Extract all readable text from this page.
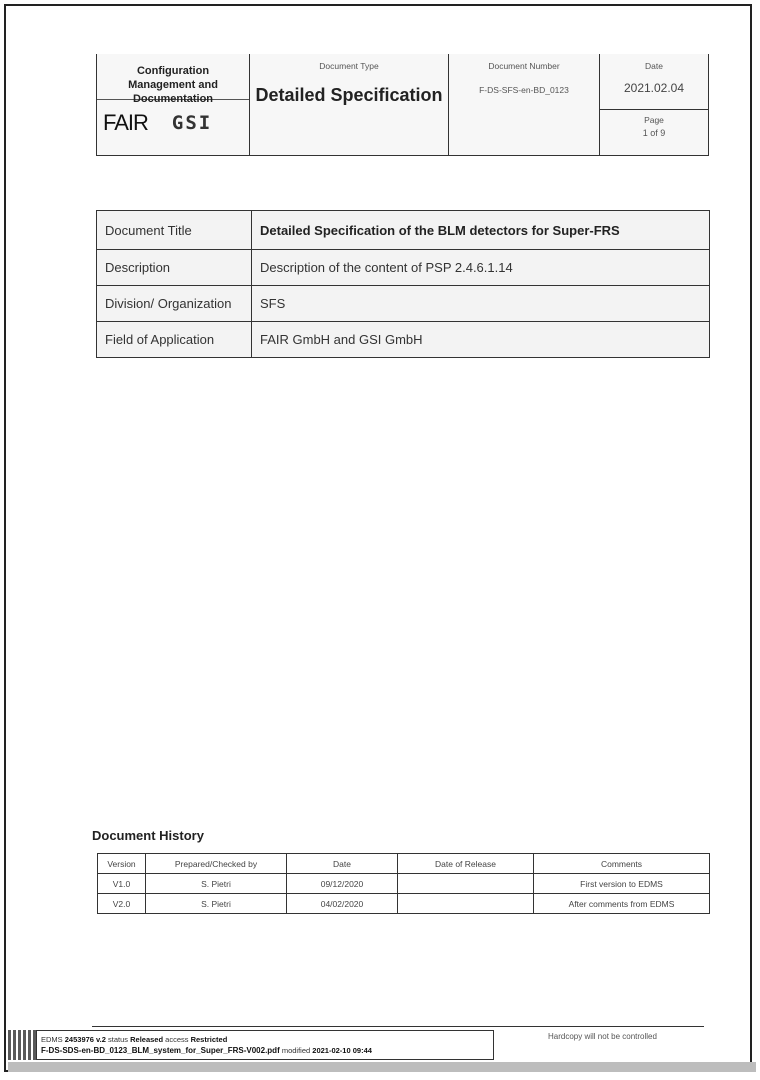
Configuration
Management and
Documentation
FAIR GSI

Document Type
Detailed Specification

Document Number
F-DS-SFS-en-BD_0123

Date
2021.02.04
Page
1 of 9

Document Title	Detailed Specification of the BLM detectors for Super-FRS
Description	Description of the content of PSP 2.4.6.1.14
Division/ Organization	SFS
Field of Application	FAIR GmbH and GSI GmbH
Document History
Version	Prepared/Checked by	Date	Date of Release	Comments
V1.0	S. Pietri	09/12/2020		First version to EDMS
V2.0	S. Pietri	04/02/2020		After comments from EDMS
EDMS 2453976 v.2 status Released access Restricted
F-DS-SDS-en-BD_0123_BLM_system_for_Super_FRS-V002.pdf modified 2021-02-10 09:44
Hardcopy will not be controlled
